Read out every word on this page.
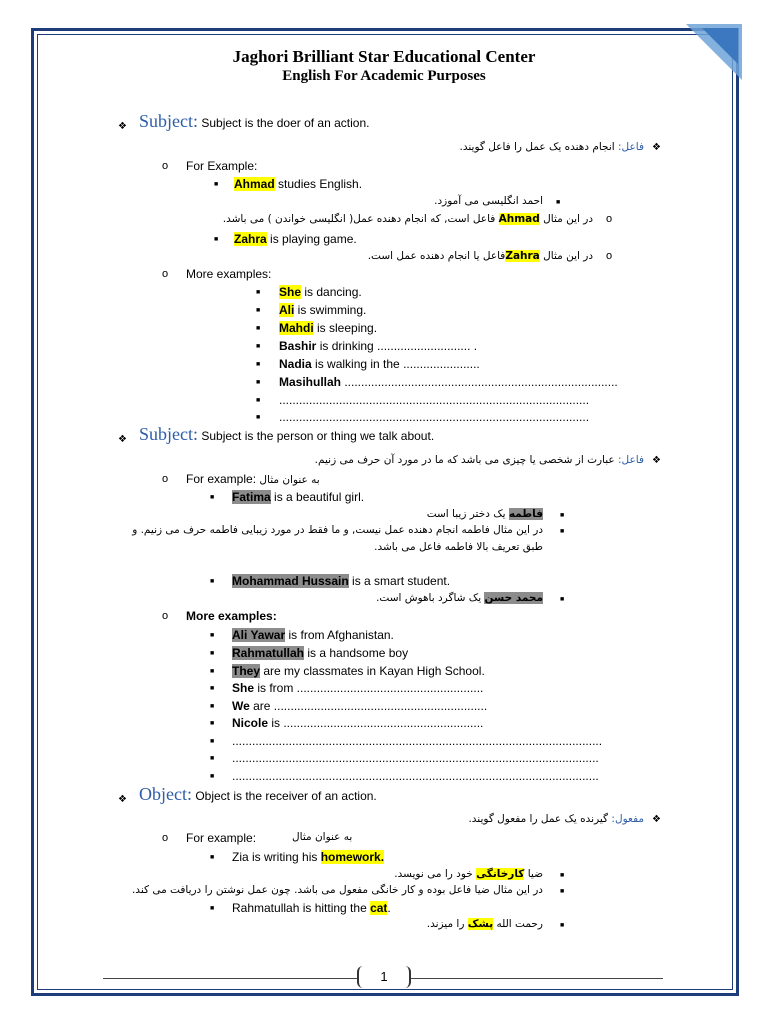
Jaghori Brilliant Star Educational Center
English For Academic Purposes
❖ Subject: Subject is the doer of an action.
❖
فاعل: انجام دهنده یک عمل را فاعل گویند.
o For Example:
■ Ahmad studies English.
■
احمد انگلیسی می آموزد.
o
در این مثال Ahmad فاعل است, که انجام دهنده عمل( انگلیسی خواندن ) می باشد.
■ Zahra is playing game.
o
در این مثال Zahraفاعل یا انجام دهنده عمل است.
o More examples:
■ She is dancing.
■ Ali is swimming.
■ Mahdi is sleeping.
■ Bashir is drinking ............................ .
■ Nadia is walking in the .......................
■ Masihullah ..................................................................................
■ .............................................................................................
■ .............................................................................................
❖ Subject: Subject is the person or thing we talk about.
❖
فاعل: عبارت از شخصی یا چیزی می باشد که ما در مورد آن حرف می زنیم.
o For example: به عنوان مثال
■ Fatima is a beautiful girl.
■
فاطمه یک دختر زیبا است
■
در این مثال فاطمه انجام دهنده عمل نیست, و ما فقط در مورد زیبایی فاطمه حرف می زنیم. و
طبق تعریف بالا فاطمه فاعل می باشد.
■ Mohammad Hussain is a smart student.
■
محمد حسن یک شاگرد باهوش است.
o More examples:
■ Ali Yawar is from Afghanistan.
■ Rahmatullah is a handsome boy
■ They are my classmates in Kayan High School.
■ She is from ........................................................
■ We are ................................................................
■ Nicole is ............................................................
■ ...............................................................................................................
■ ..............................................................................................................
■ ..............................................................................................................
❖ Object: Object is the receiver of an action.
❖
مفعول: گیرنده یک عمل را مفعول گویند.
o For example:	به عنوان مثال
■ Zia is writing his homework.
■
ضیا کارخانگی خود را می نویسد.
■
در این مثال ضیا فاعل بوده و کار خانگی مفعول می باشد. چون عمل نوشتن را دریافت می کند.
■ Rahmatullah is hitting the cat.
■
رحمت الله پشک را میزند.
1
